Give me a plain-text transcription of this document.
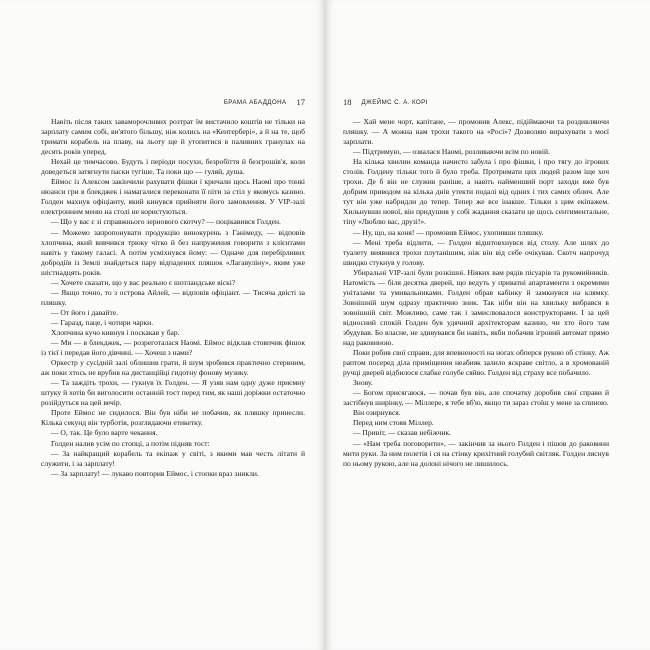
БРАМА АБАДДОНА 17

Навіть після таких заваморочливих розтрат їм вистачило коштів не тільки на зарплату самим собі, ви'ятого більшу, ніж колись на «Кентербері», а й на те, щоб тримати корабель на плаву, на льоту ще й утопитися в паливних гранулах на десять років уперед.

Нехай це тимчасово. Будуть і періоди посухи, безробіття й безгрошів'я, коли доведеться затягнути паски тугіше. Та поки що — гуляй, душа.

Еймос із Алексом закінчили рахувати фішки і кричали щось Наомі про тонкі нюанси гри в блекджек і намагалися переконати її піти за стіл у якомусь казино. Голден махнув офіціанту, який кинувся прийняти його замовлення. У VIP-залі електронним меню на столі не користуються.

— Що у вас є зі справжнього зернового скотчу? — поцікавився Голден.

— Можемо запропонувати продукцію винокурень з Ганімеду, — відповів хлопчина, який вивчився трюку чітко й без напруження говорити з клієнтами навіть у такому галасі. А потім усміхнувся йому: — Одначе для перебірливих добродіїв із Землі знайдеться пару відпадених пляшок «Лагавуліну», яким уже шістнадцять років.

— Хочете сказати, що у вас реально є шотландське віскі?

— Якщо точно, то з острова Айлей, — відповів офіціант. — Тисяча двісті за пляшку.

— От його і давайте.

— Гаразд, паце, і чотири чарки.

Хлопчина кучо кивнув і поскакав у бар.

— Ми — в блекджек, — розреготалася Наомі. Еймос відклав стовпчик фішок із тієї і передав його дівчині. — Хочеш з нами?

Оркестр у сусідній залі облишив грати, й шум зробився практично стервним, аж поки хтось не врубив на дистанційці гидотну фонову музику.

— Та заждіть трохи, — гукнув їх Голден. — Я узяв нам одну дуже приємну штуку й хотів би виголосити останній тост перед тим, як наші доріжки остаточно розійдуться на цей вечір.

Проте Еймос не сидилося. Він був ніби не побачив, як пляшку принесли. Кілька секунд він турботів, розглядаючи етикетку.

— О, так. Це було варте чекання.

Голден налив усім по стопці, а потім підняв тост:

— За найкращий корабель та екіпаж у світі, з якими мав честь літати й служити, і за зарплату!

— За зарплату! — лукаво повторив Еймос, і стопки враз зникли.

18 ДЖЕЙМС С. А. КОРІ

— Хай мене чорт, капітане, — промовив Алекс, підіймаючи та роздивляючи пляшку. — А можна нам трохи такого на «Росі»? Дозволяю вирахувати з моєї зарплати.

— Підтримую, — озвалася Наомі, розливаючи всім по новій.

На кілька хвилин команда начисто забула і про фішки, і про тягу до ігрових столів. Голдену тільки того й було треба. Протримати цих людей разом іще хоч трохи. Де б він не служив раніше, а навіть найменший порт заходи вже був добрим приводом на кілька днів утекти подалі від одних і тих самих облич. Але тут він уже набридли до тепер. Тепер же все інакше. Тільки з цим екіпажем. Хильнувши нової, він придушив у собі жадання сказати це щось сентиментальне, тіпу «Люблю вас, друзі!».

— Ну, що, на коня! — промовив Еймос, ухопивши пляшку.

— Мені треба відлити, — Голден відштовхнувся від столу. Але шлях до туалету виявився трохи плутанішим, ніж він від себе очікував. Скотч напрочуд швидко стукнув у голову.

Убиральні VIP-залі були розкішні. Ніяких вам рядів пісуарів та рукомийників. Натомість — біля десятка дверей, що ведуть у приватні апартаменти з окремими унітазами та умивальниками. Голден обрав кабінку й замкнувся на клямку. Зовнішній шум одразу практично зник. Так ніби він на хвильку вибрався в зовнішній світ. Можливо, саме так і замислювалося конструкторами. І за цей відносний спокій Голден був удячний архітекторам казино, чи хто його там збудував. Бо власне, не здивувався би навіть, якби побачив ігровий автомат прямо над раковиною.

Поки робив свої справи, для впевненості на ногах обперся рукою об стінку. Аж раптом посеред діла приміщення неабияк залило яскраве світло, а в хромованій ручці дверей відбилося слабке голубе сяйво. Голден від страху все побачило.

Знову.

— Богом присягаюся, — почав був він, але спочатку доробив свої справи й застібнув ширінку, — Міллере, я тебе вб'ю, якщо ти зараз стоїш у мене за спиною.

Він озирнувся.

Перед ним стояв Міллер.

— Привіт, — сказав небіжчик.

— «Нам треба поговорити», — закінчив за нього Голден і пішов до раковини мити руки. За ним полетів і ся на стінку крихітний голубий світляк. Голден ляснув по ньому рукою, але на долоні нічого не лишилось.
